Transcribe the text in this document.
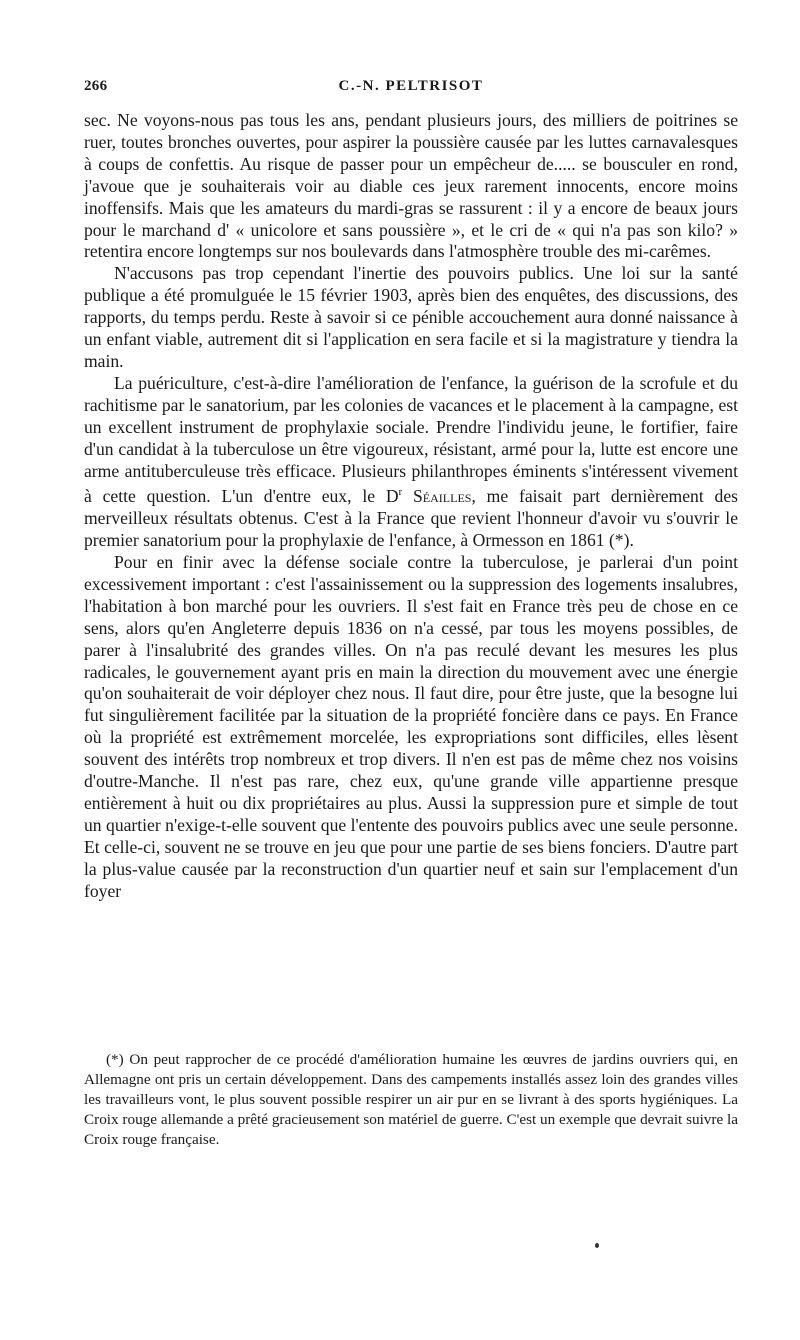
266	C.-N. PELTRISOT

sec. Ne voyons-nous pas tous les ans, pendant plusieurs jours, des milliers de poitrines se ruer, toutes bronches ouvertes, pour aspirer la poussière causée par les luttes carnavalesques à coups de confettis. Au risque de passer pour un empêcheur de..... se bousculer en rond, j'avoue que je souhaiterais voir au diable ces jeux rarement innocents, encore moins inoffensifs. Mais que les amateurs du mardi-gras se rassurent : il y a encore de beaux jours pour le marchand d' « unicolore et sans poussière », et le cri de « qui n'a pas son kilo? » retentira encore longtemps sur nos boulevards dans l'atmosphère trouble des mi-carêmes.

N'accusons pas trop cependant l'inertie des pouvoirs publics. Une loi sur la santé publique a été promulguée le 15 février 1903, après bien des enquêtes, des discussions, des rapports, du temps perdu. Reste à savoir si ce pénible accouchement aura donné naissance à un enfant viable, autrement dit si l'application en sera facile et si la magistrature y tiendra la main.

La puériculture, c'est-à-dire l'amélioration de l'enfance, la guérison de la scrofule et du rachitisme par le sanatorium, par les colonies de vacances et le placement à la campagne, est un excellent instrument de prophylaxie sociale. Prendre l'individu jeune, le fortifier, faire d'un candidat à la tuberculose un être vigoureux, résistant, armé pour la, lutte est encore une arme antituberculeuse très efficace. Plusieurs philanthropes éminents s'intéressent vivement à cette question. L'un d'entre eux, le $D^r$ Séailles, me faisait part dernièrement des merveilleux résultats obtenus. C'est à la France que revient l'honneur d'avoir vu s'ouvrir le premier sanatorium pour la prophylaxie de l'enfance, à Ormesson en 1861 (*).

Pour en finir avec la défense sociale contre la tuberculose, je parlerai d'un point excessivement important : c'est l'assainissement ou la suppression des logements insalubres, l'habitation à bon marché pour les ouvriers. Il s'est fait en France très peu de chose en ce sens, alors qu'en Angleterre depuis 1836 on n'a cessé, par tous les moyens possibles, de parer à l'insalubrité des grandes villes. On n'a pas reculé devant les mesures les plus radicales, le gouvernement ayant pris en main la direction du mouvement avec une énergie qu'on souhaiterait de voir déployer chez nous. Il faut dire, pour être juste, que la besogne lui fut singulièrement facilitée par la situation de la propriété foncière dans ce pays. En France où la propriété est extrêmement morcelée, les expropriations sont difficiles, elles lèsent souvent des intérêts trop nombreux et trop divers. Il n'en est pas de même chez nos voisins d'outre-Manche. Il n'est pas rare, chez eux, qu'une grande ville appartienne presque entièrement à huit ou dix propriétaires au plus. Aussi la suppression pure et simple de tout un quartier n'exige-t-elle souvent que l'entente des pouvoirs publics avec une seule personne. Et celle-ci, souvent ne se trouve en jeu que pour une partie de ses biens fonciers. D'autre part la plus-value causée par la reconstruction d'un quartier neuf et sain sur l'emplacement d'un foyer

(*) On peut rapprocher de ce procédé d'amélioration humaine les œuvres de jardins ouvriers qui, en Allemagne ont pris un certain développement. Dans des campements installés assez loin des grandes villes les travailleurs vont, le plus souvent possible respirer un air pur en se livrant à des sports hygiéniques. La Croix rouge allemande a prêté gracieusement son matériel de guerre. C'est un exemple que devrait suivre la Croix rouge française.
